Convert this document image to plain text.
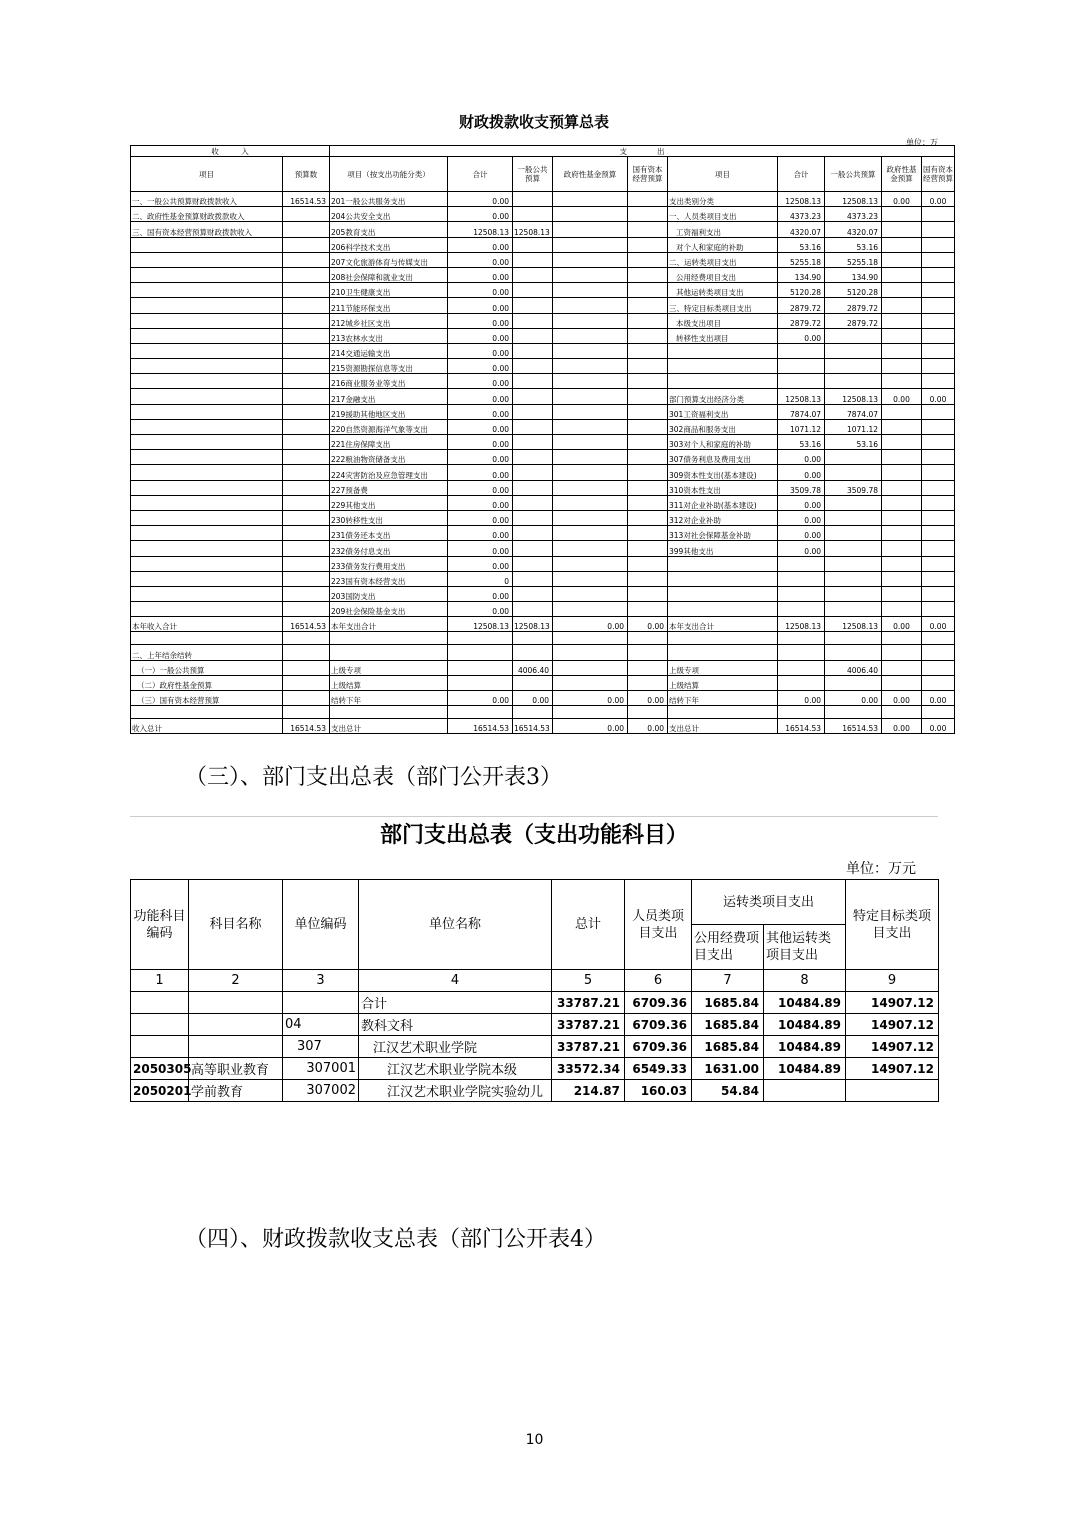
财政拨款收支预算总表
单位：万
收　　　入		支　　　　出									
项目	预算数	项目（按支出功能分类）	合计	一般公共预算	政府性基金预算	国有资本经营预算	项目	合计	一般公共预算	政府性基金预算	国有资本经营预算
一、一般公共预算财政拨款收入	16514.53	201一般公共服务支出	0.00				支出类别分类	12508.13	12508.13	0.00	0.00
二、政府性基金预算财政拨款收入		204公共安全支出	0.00				一、人员类项目支出	4373.23	4373.23		
三、国有资本经营预算财政拨款收入		205教育支出	12508.13	12508.13			工资福利支出	4320.07	4320.07		
		206科学技术支出	0.00				对个人和家庭的补助	53.16	53.16		
		207文化旅游体育与传媒支出	0.00				二、运转类项目支出	5255.18	5255.18		
		208社会保障和就业支出	0.00				公用经费项目支出	134.90	134.90		
		210卫生健康支出	0.00				其他运转类项目支出	5120.28	5120.28		
		211节能环保支出	0.00				三、特定目标类项目支出	2879.72	2879.72		
		212城乡社区支出	0.00				本级支出项目	2879.72	2879.72		
		213农林水支出	0.00				转移性支出项目	0.00			
		214交通运输支出	0.00								
		215资源勘探信息等支出	0.00								
		216商业服务业等支出	0.00								
		217金融支出	0.00				部门预算支出经济分类	12508.13	12508.13	0.00	0.00
		219援助其他地区支出	0.00				301工资福利支出	7874.07	7874.07		
		220自然资源海洋气象等支出	0.00				302商品和服务支出	1071.12	1071.12		
		221住房保障支出	0.00				303对个人和家庭的补助	53.16	53.16		
		222粮油物资储备支出	0.00				307债务利息及费用支出	0.00			
		224灾害防治及应急管理支出	0.00				309资本性支出(基本建设)	0.00			
		227预备费	0.00				310资本性支出	3509.78	3509.78		
		229其他支出	0.00				311对企业补助(基本建设)	0.00			
		230转移性支出	0.00				312对企业补助	0.00			
		231债务还本支出	0.00				313对社会保障基金补助	0.00			
		232债务付息支出	0.00				399其他支出	0.00			
		233债务发行费用支出	0.00								
		223国有资本经营支出	0								
		203国防支出	0.00								
		209社会保险基金支出	0.00								
本年收入合计	16514.53	本年支出合计	12508.13	12508.13	0.00	0.00	本年支出合计	12508.13	12508.13	0.00	0.00

二、上年结余结转											
（一）一般公共预算		上级专项		4006.40			上级专项		4006.40		
（二）政府性基金预算		上级结算					上级结算				
（三）国有资本经营预算		结转下年	0.00	0.00	0.00	0.00	结转下年	0.00	0.00	0.00	0.00

收入总计	16514.53	支出总计	16514.53	16514.53	0.00	0.00	支出总计	16514.53	16514.53	0.00	0.00
（三）、部门支出总表（部门公开表3）
部门支出总表（支出功能科目）
单位：万元
功能科目编码	科目名称	单位编码	单位名称	总计	人员类项目支出	运转类项目支出		特定目标类项目支出
						公用经费项目支出	其他运转类项目支出	
1	2	3	4	5	6	7	8	9
			合计	33787.21	6709.36	1685.84	10484.89	14907.12
		04	教科文科	33787.21	6709.36	1685.84	10484.89	14907.12
		307	江汉艺术职业学院	33787.21	6709.36	1685.84	10484.89	14907.12
2050305	高等职业教育	307001	江汉艺术职业学院本级	33572.34	6549.33	1631.00	10484.89	14907.12
2050201	学前教育	307002	江汉艺术职业学院实验幼儿	214.87	160.03	54.84		
（四）、财政拨款收支总表（部门公开表4）
10
